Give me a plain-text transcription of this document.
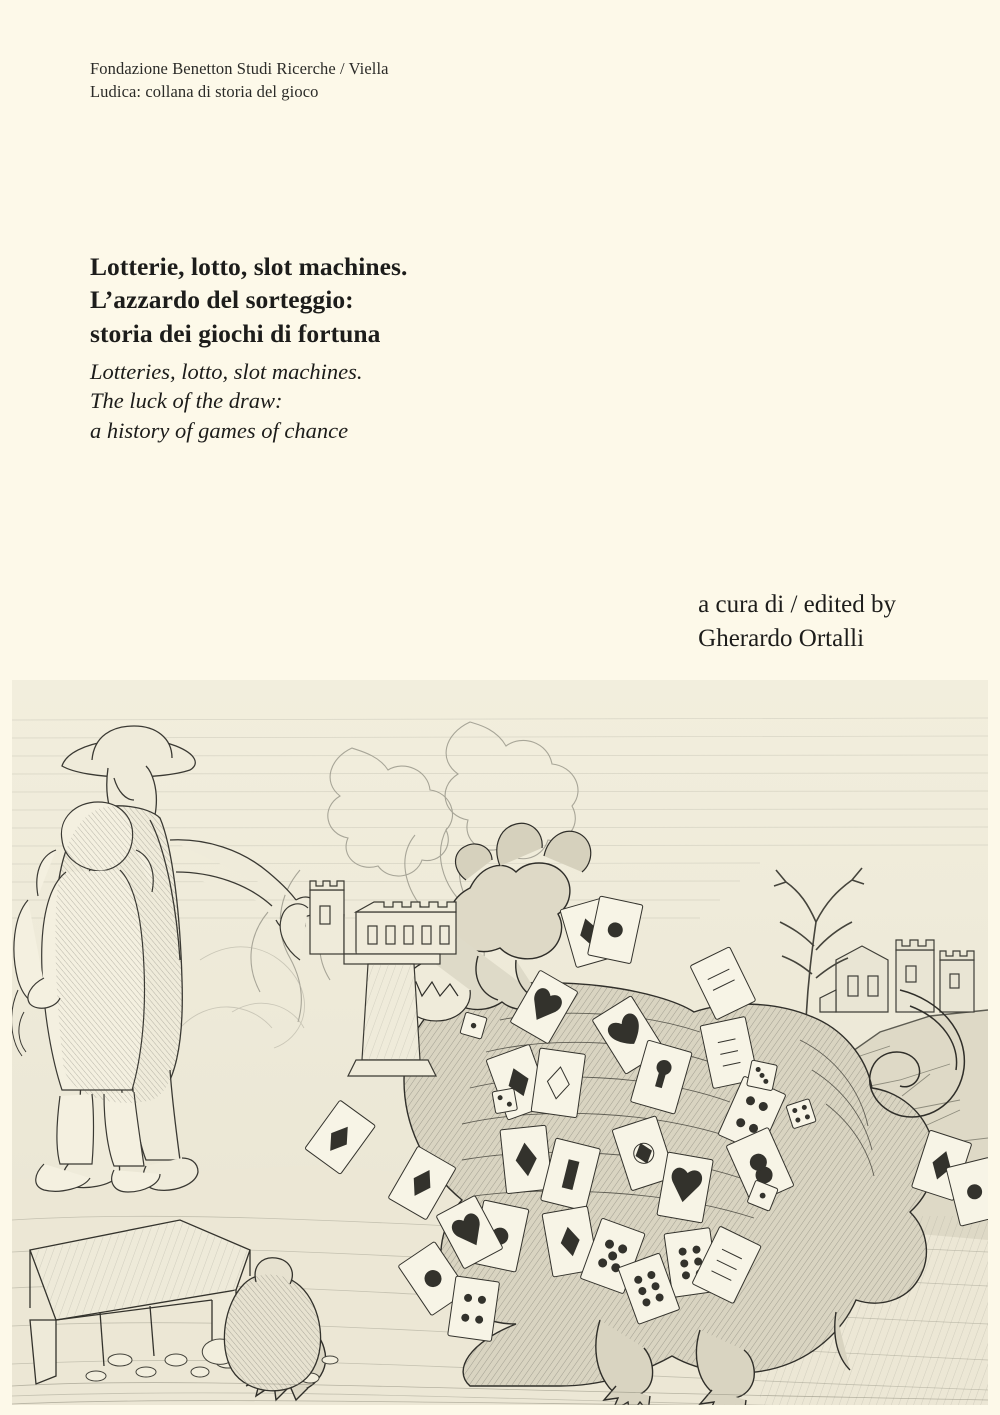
Fondazione Benetton Studi Ricerche / Viella
Ludica: collana di storia del gioco
Lotterie, lotto, slot machines.
L’azzardo del sorteggio:
storia dei giochi di fortuna
Lotteries, lotto, slot machines.
The luck of the draw:
a history of games of chance
a cura di / edited by
Gherardo Ortalli
